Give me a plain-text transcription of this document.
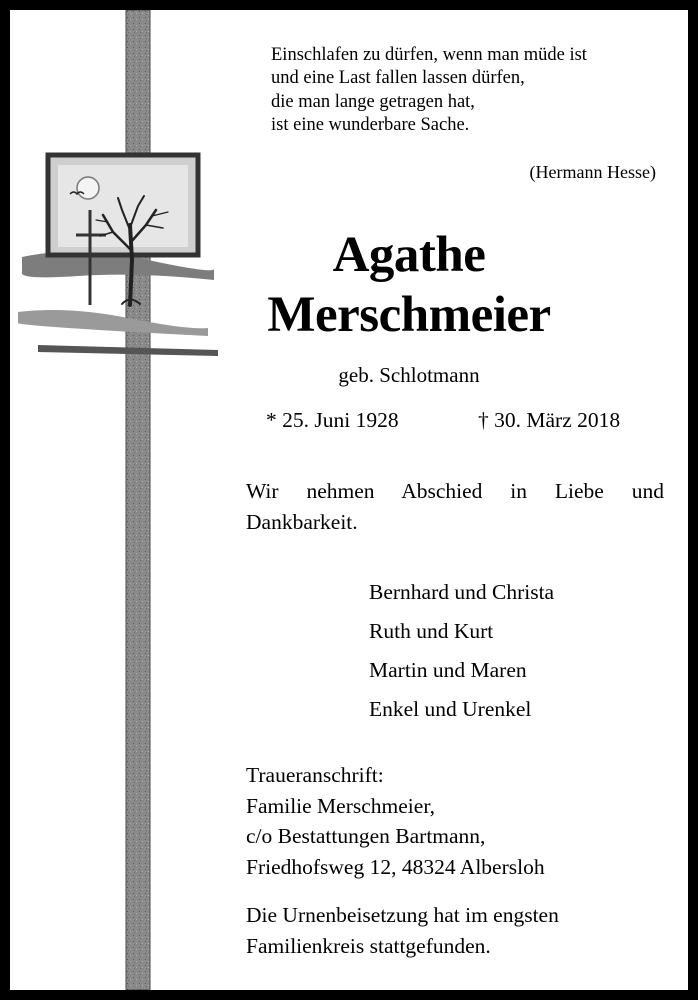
Einschlafen zu dürfen, wenn man müde ist
und eine Last fallen lassen dürfen,
die man lange getragen hat,
ist eine wunderbare Sache.
(Hermann Hesse)
Agathe
Merschmeier
geb. Schlotmann
* 25. Juni 1928	† 30. März 2018
Wir nehmen Abschied in Liebe und Dankbarkeit.
Bernhard und Christa
Ruth und Kurt
Martin und Maren
Enkel und Urenkel
Traueranschrift:
Familie Merschmeier,
c/o Bestattungen Bartmann,
Friedhofsweg 12, 48324 Albersloh
Die Urnenbeisetzung hat im engsten
Familienkreis stattgefunden.
